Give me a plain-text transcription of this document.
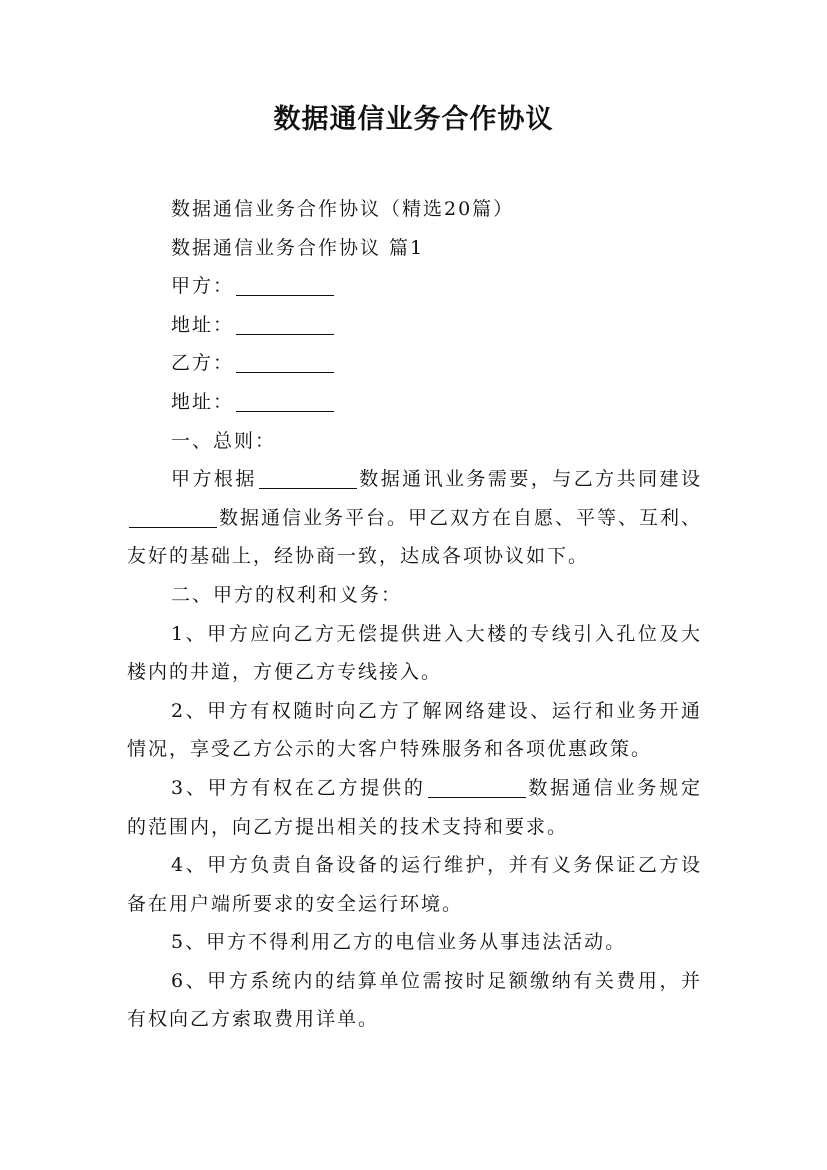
数据通信业务合作协议

数据通信业务合作协议（精选20篇）

数据通信业务合作协议 篇1

甲方：

地址：

乙方：

地址：

一、总则：

甲方根据	数据通讯业务需要，与乙方共同建设数据通信业务平台。甲乙双方在自愿、平等、互利、友好的基础上，经协商一致，达成各项协议如下。

二、甲方的权利和义务：

1、甲方应向乙方无偿提供进入大楼的专线引入孔位及大楼内的井道，方便乙方专线接入。

2、甲方有权随时向乙方了解网络建设、运行和业务开通情况，享受乙方公示的大客户特殊服务和各项优惠政策。

3、甲方有权在乙方提供的	数据通信业务规定的范围内，向乙方提出相关的技术支持和要求。

4、甲方负责自备设备的运行维护，并有义务保证乙方设备在用户端所要求的安全运行环境。

5、甲方不得利用乙方的电信业务从事违法活动。

6、甲方系统内的结算单位需按时足额缴纳有关费用，并有权向乙方索取费用详单。
